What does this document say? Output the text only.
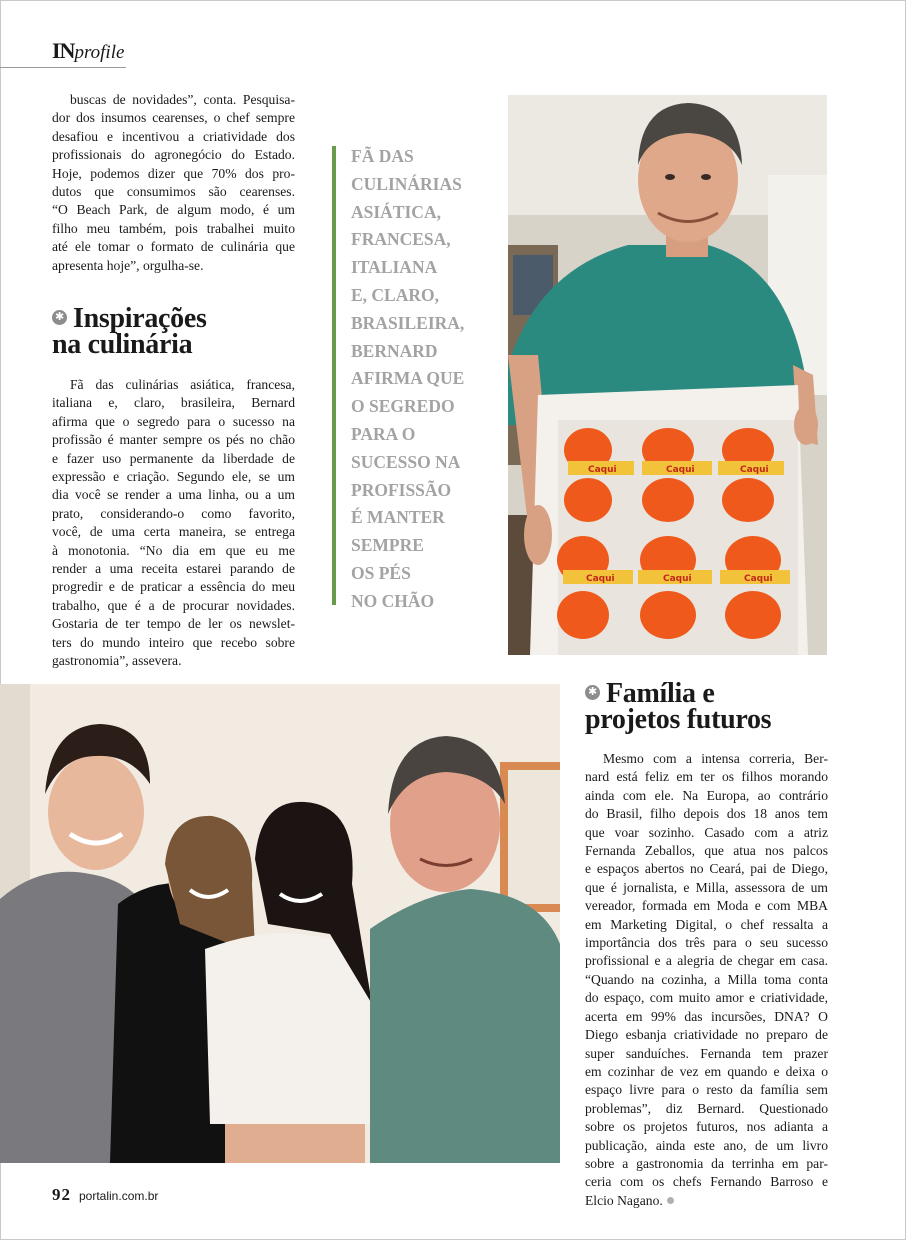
INprofile
buscas de novidades”, conta. Pesquisa-
dor dos insumos cearenses, o chef sempre
desafiou e incentivou a criatividade dos
profissionais do agronegócio do Estado.
Hoje, podemos dizer que 70% dos pro-
dutos que consumimos são cearenses.
“O Beach Park, de algum modo, é um
filho meu também, pois trabalhei muito
até ele tomar o formato de culinária que
apresenta hoje”, orgulha-se.
✱Inspirações
na culinária
Fã das culinárias asiática, francesa,
italiana e, claro, brasileira, Bernard
afirma que o segredo para o sucesso na
profissão é manter sempre os pés no chão
e fazer uso permanente da liberdade de
expressão e criação. Segundo ele, se um
dia você se render a uma linha, ou a um
prato, considerando-o como favorito,
você, de uma certa maneira, se entrega
à monotonia. “No dia em que eu me
render a uma receita estarei parando de
progredir e de praticar a essência do meu
trabalho, que é a de procurar novidades.
Gostaria de ter tempo de ler os newslet-
ters do mundo inteiro que recebo sobre
gastronomia”, assevera.
FÃ DAS
CULINÁRIAS
ASIÁTICA,
FRANCESA,
ITALIANA
E, CLARO,
BRASILEIRA,
BERNARD
AFIRMA QUE
O SEGREDO
PARA O
SUCESSO NA
PROFISSÃO
É MANTER
SEMPRE
OS PÉS
NO CHÃO
Caqui	Caqui	Caqui
Caqui	Caqui	Caqui
✱Família e
projetos futuros
Mesmo com a intensa correria, Ber-
nard está feliz em ter os filhos morando
ainda com ele. Na Europa, ao contrário
do Brasil, filho depois dos 18 anos tem
que voar sozinho. Casado com a atriz
Fernanda Zeballos, que atua nos palcos
e espaços abertos no Ceará, pai de Diego,
que é jornalista, e Milla, assessora de um
vereador, formada em Moda e com MBA
em Marketing Digital, o chef ressalta a
importância dos três para o seu sucesso
profissional e a alegria de chegar em casa.
“Quando na cozinha, a Milla toma conta
do espaço, com muito amor e criatividade,
acerta em 99% das incursões, DNA? O
Diego esbanja criatividade no preparo de
super sanduíches. Fernanda tem prazer
em cozinhar de vez em quando e deixa o
espaço livre para o resto da família sem
problemas”, diz Bernard. Questionado
sobre os projetos futuros, nos adianta a
publicação, ainda este ano, de um livro
sobre a gastronomia da terrinha em par-
ceria com os chefs Fernando Barroso e
Elcio Nagano.
92 portalin.com.br
